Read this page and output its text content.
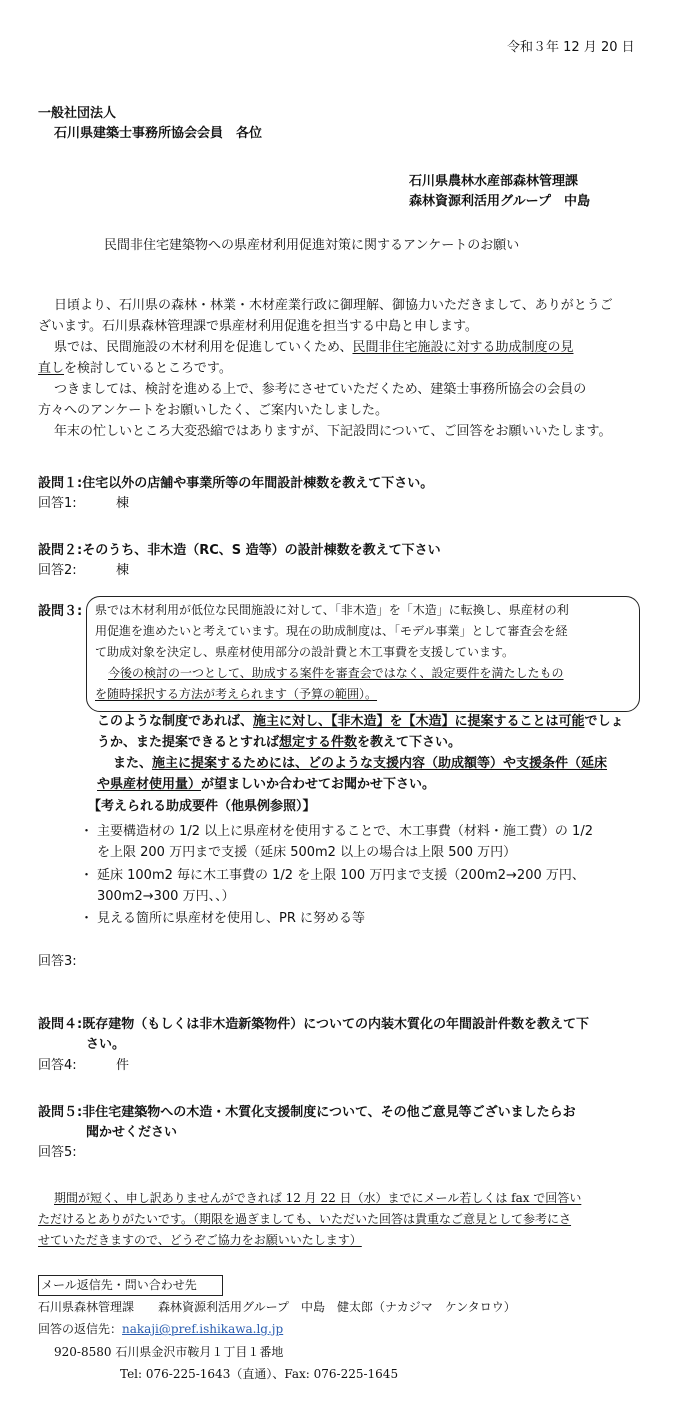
令和３年 12 月 20 日
一般社団法人
石川県建築士事務所協会会員　各位
石川県農林水産部森林管理課
森林資源利活用グループ　中島
民間非住宅建築物への県産材利用促進対策に関するアンケートのお願い
日頃より、石川県の森林・林業・木材産業行政に御理解、御協力いただきまして、ありがとうご
ざいます。石川県森林管理課で県産材利用促進を担当する中島と申します。
県では、民間施設の木材利用を促進していくため、民間非住宅施設に対する助成制度の見
直しを検討しているところです。
つきましては、検討を進める上で、参考にさせていただくため、建築士事務所協会の会員の
方々へのアンケートをお願いしたく、ご案内いたしました。
年末の忙しいところ大変恐縮ではありますが、下記設問について、ご回答をお願いいたします。
設問１:住宅以外の店舗や事業所等の年間設計棟数を教えて下さい。
回答1:	棟
設問２:そのうち、非木造（RC、S 造等）の設計棟数を教えて下さい
回答2:	棟
設問３: 県では木材利用が低位な民間施設に対して、「非木造」を「木造」に転換し、県産材の利
用促進を進めたいと考えています。現在の助成制度は、「モデル事業」として審査会を経
て助成対象を決定し、県産材使用部分の設計費と木工事費を支援しています。
今後の検討の一つとして、助成する案件を審査会ではなく、設定要件を満たしたもの
を随時採択する方法が考えられます（予算の範囲）。
このような制度であれば、施主に対し、【非木造】を【木造】に提案することは可能でしょ
うか、また提案できるとすれば想定する件数を教えて下さい。
また、施主に提案するためには、どのような支援内容（助成額等）や支援条件（延床
や県産材使用量）が望ましいか合わせてお聞かせ下さい。
【考えられる助成要件（他県例参照）】
・ 主要構造材の 1/2 以上に県産材を使用することで、木工事費（材料・施工費）の 1/2
を上限 200 万円まで支援（延床 500m2 以上の場合は上限 500 万円）
・ 延床 100m2 毎に木工事費の 1/2 を上限 100 万円まで支援（200m2→200 万円、
300m2→300 万円、、）
・ 見える箇所に県産材を使用し、PR に努める等
回答3:
設問４:既存建物（もしくは非木造新築物件）についての内装木質化の年間設計件数を教えて下
さい。
回答4:	件
設問５:非住宅建築物への木造・木質化支援制度について、その他ご意見等ございましたらお
聞かせください
回答5:
期間が短く、申し訳ありませんができれば 12 月 22 日（水）までにメール若しくは fax で回答い
ただけるとありがたいです。（期限を過ぎましても、いただいた回答は貴重なご意見として参考にさ
せていただきますので、どうぞご協力をお願いいたします）
メール返信先・問い合わせ先
石川県森林管理課　　森林資源利活用グループ　中島　健太郎（ナカジマ　ケンタロウ）
回答の返信先：nakaji@pref.ishikawa.lg.jp
920-8580 石川県金沢市鞍月１丁目１番地
Tel: 076-225-1643（直通）、Fax: 076-225-1645
